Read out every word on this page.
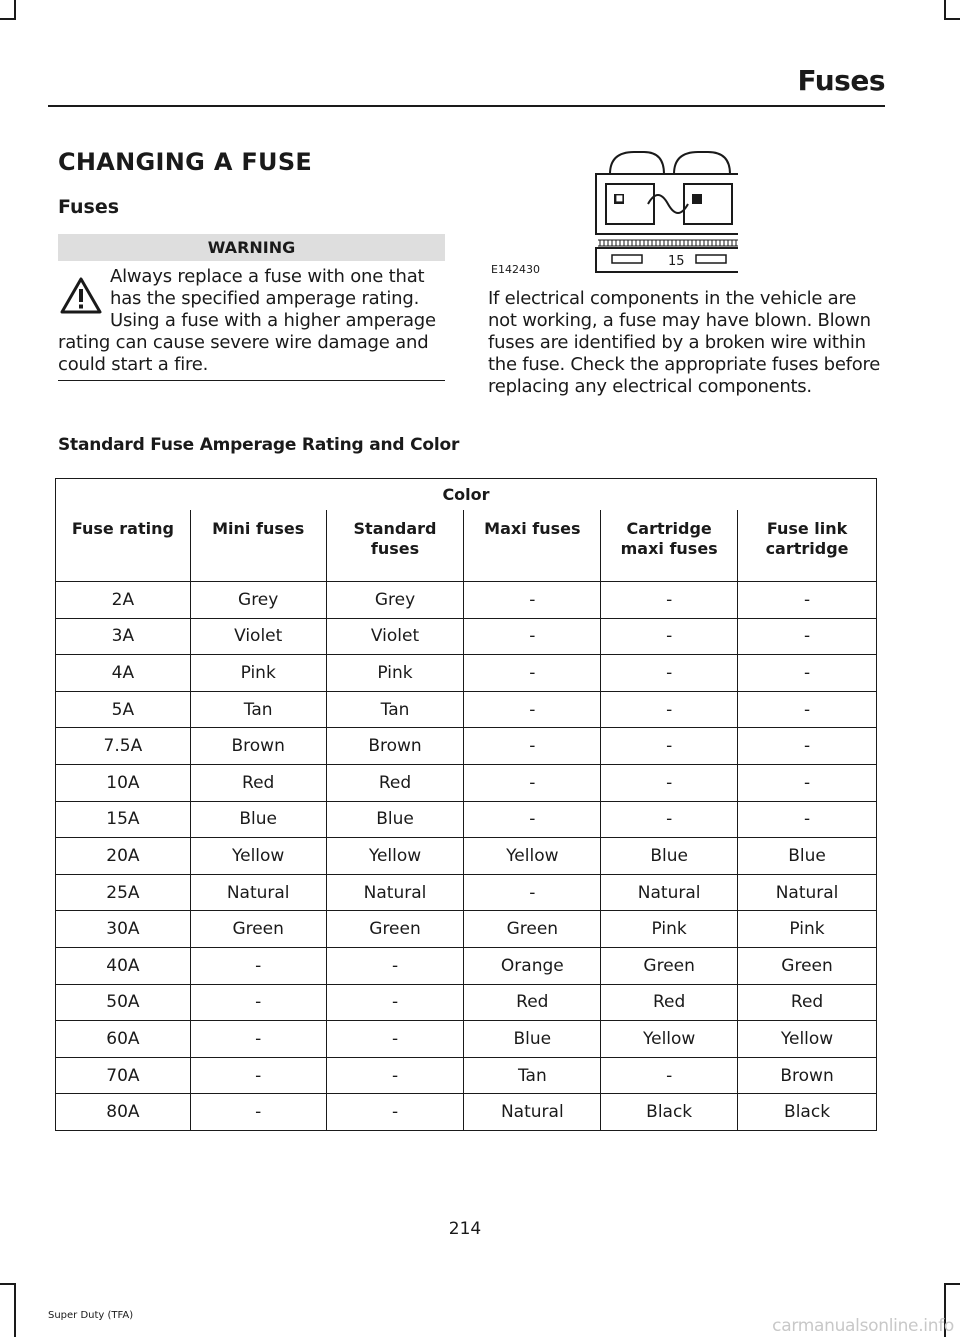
Fuses
CHANGING A FUSE
Fuses
WARNING
Always replace a fuse with one that has the specified amperage rating. Using a fuse with a higher amperage rating can cause severe wire damage and could start a fire.
E142430
15
If electrical components in the vehicle are not working, a fuse may have blown. Blown fuses are identified by a broken wire within the fuse. Check the appropriate fuses before replacing any electrical components.
Standard Fuse Amperage Rating and Color
Color					
Fuse rating	Mini fuses	Standard fuses	Maxi fuses	Cartridge maxi fuses	Fuse link cartridge
2A	Grey	Grey	-	-	-
3A	Violet	Violet	-	-	-
4A	Pink	Pink	-	-	-
5A	Tan	Tan	-	-	-
7.5A	Brown	Brown	-	-	-
10A	Red	Red	-	-	-
15A	Blue	Blue	-	-	-
20A	Yellow	Yellow	Yellow	Blue	Blue
25A	Natural	Natural	-	Natural	Natural
30A	Green	Green	Green	Pink	Pink
40A	-	-	Orange	Green	Green
50A	-	-	Red	Red	Red
60A	-	-	Blue	Yellow	Yellow
70A	-	-	Tan	-	Brown
80A	-	-	Natural	Black	Black
214
Super Duty (TFA)
carmanualsonline.info
